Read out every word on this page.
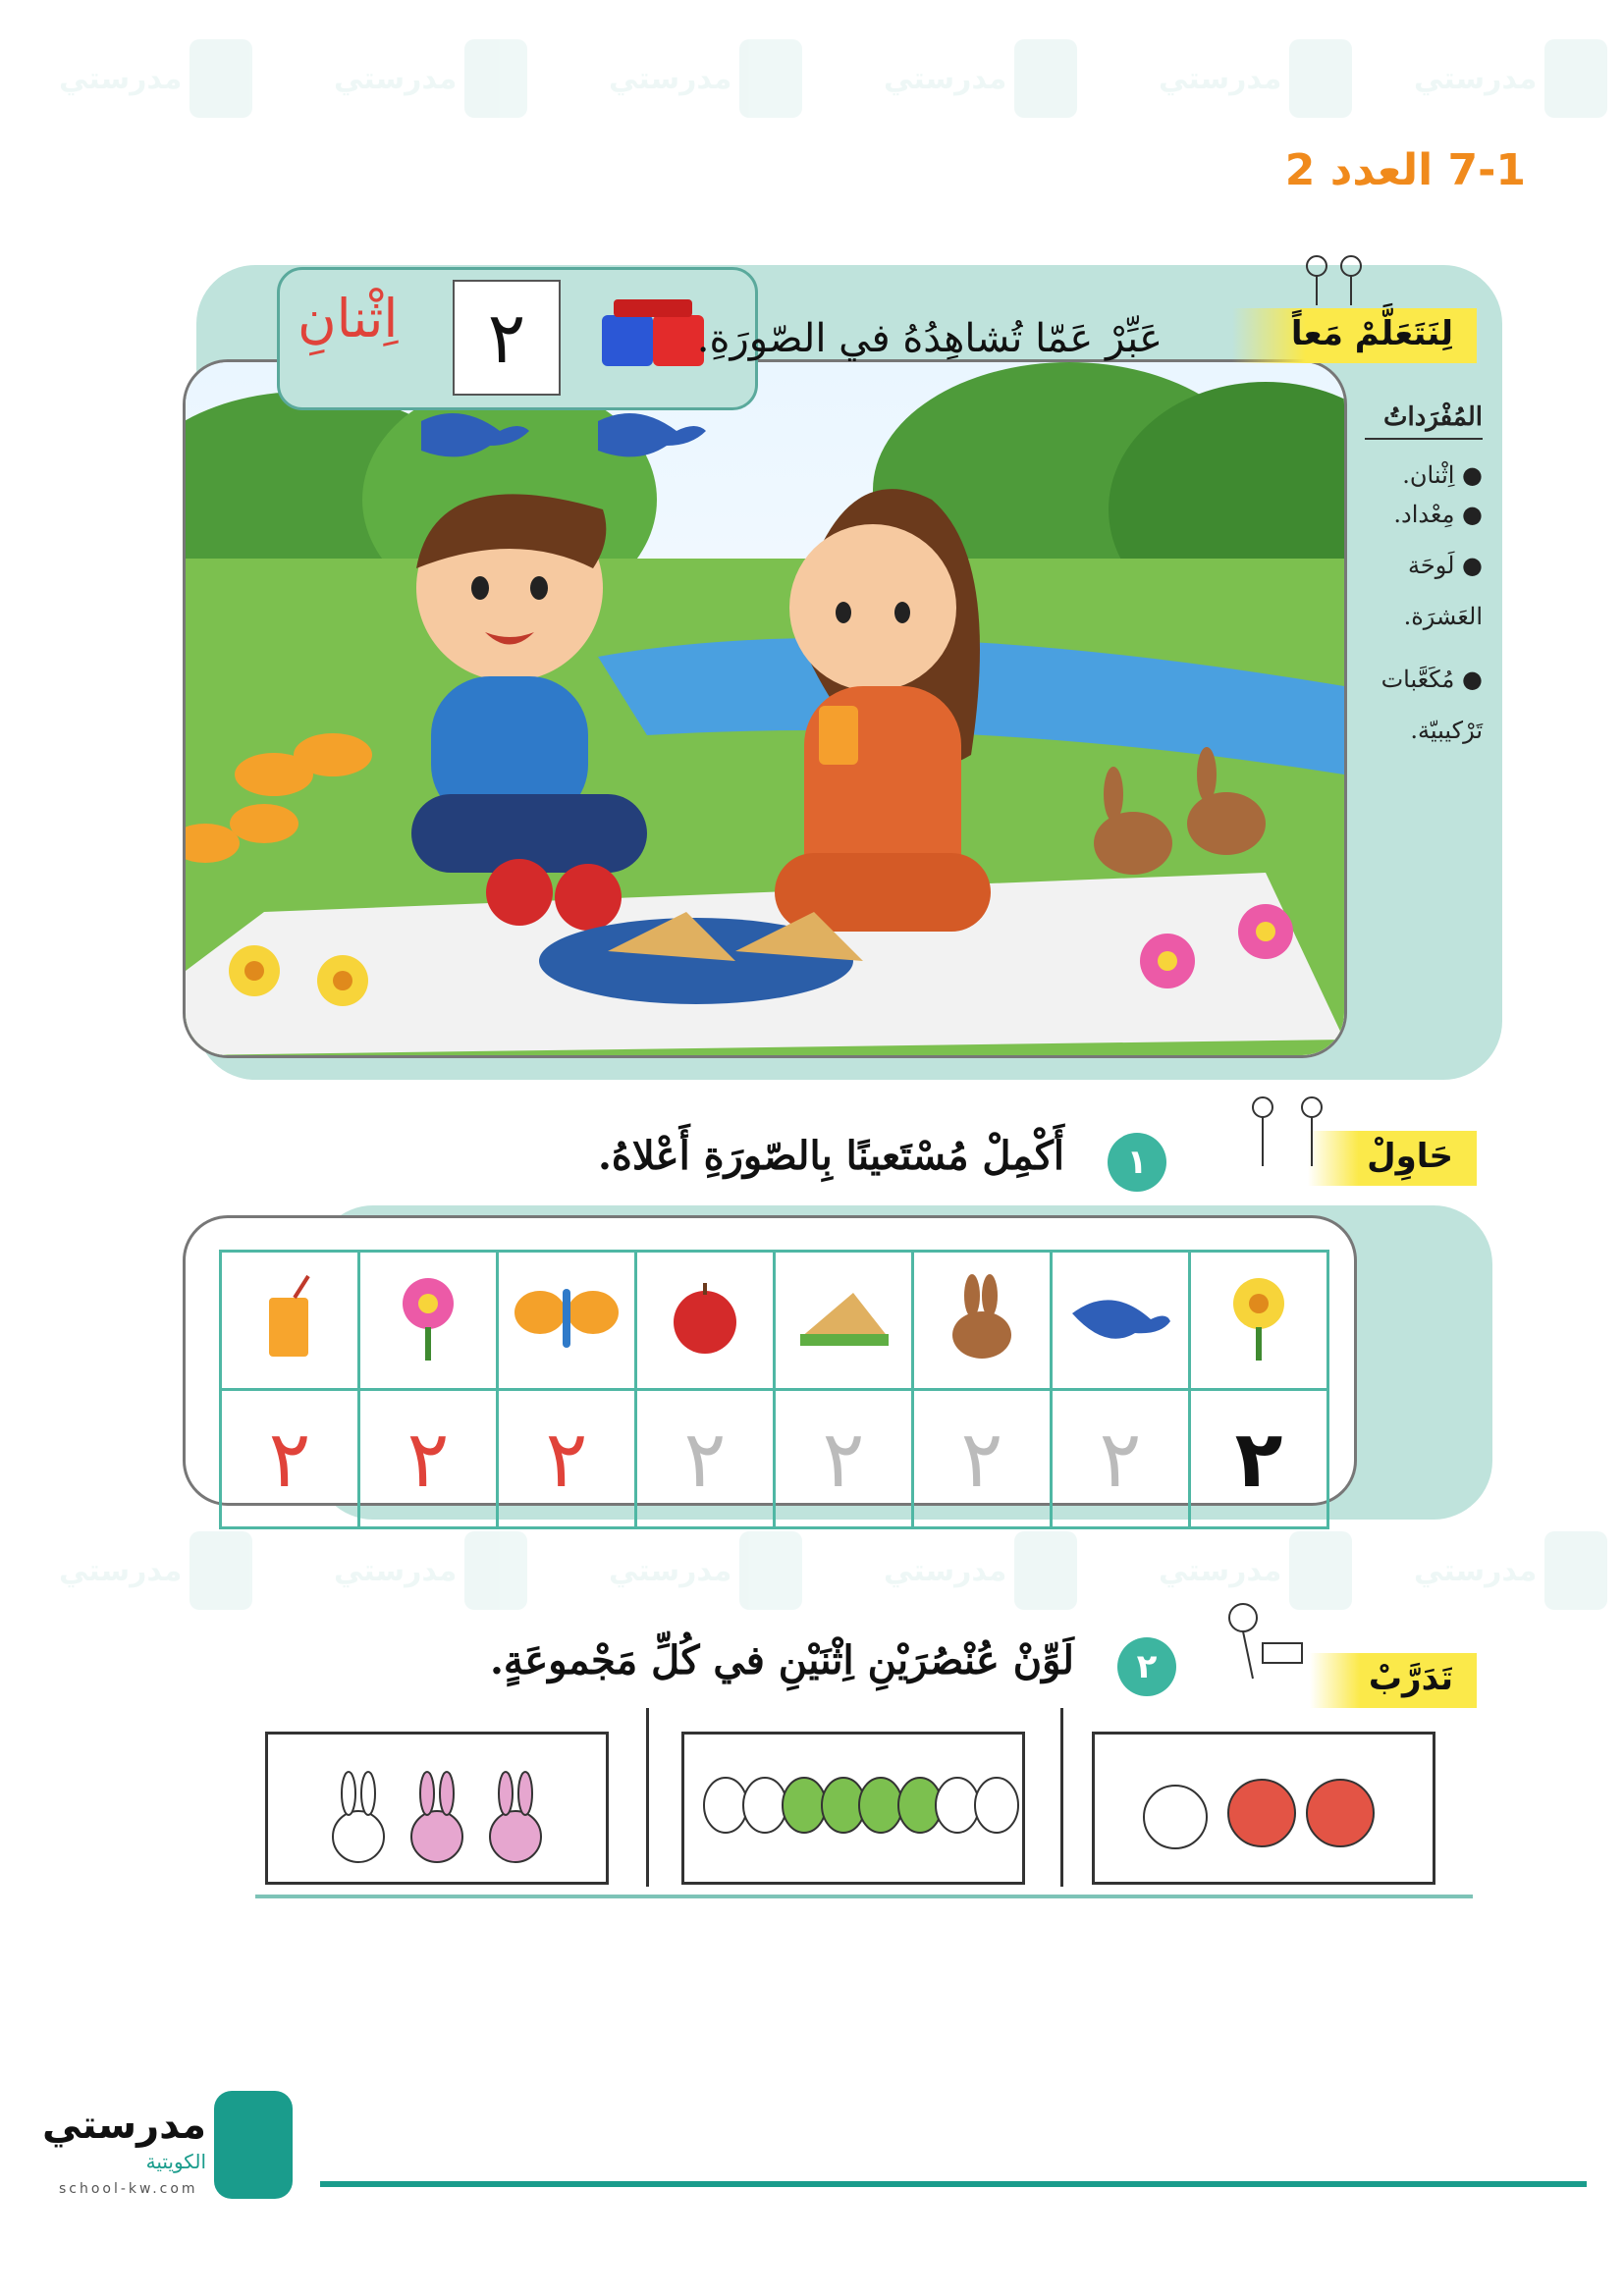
مدرستي	مدرستي	مدرستي	مدرستي	مدرستي	مدرستي
مدرستي	مدرستي	مدرستي	مدرستي	مدرستي	مدرستي
7-1 العدد 2
اِثْنانِ	٢	لِنَتَعَلَّمْ مَعاً
عَبِّرْ عَمّا تُشاهِدُهُ في الصّورَةِ.
المُفْرَداتُ
● اِثْنان.
● مِعْداد.
● لَوحَة العَشرَة.
● مُكَعَّبات تَرْكيبيّة.
حَاوِلْ
١
أَكْمِلْ مُسْتَعينًا بِالصّورَةِ أَعْلاهُ.

٢	٢	٢	٢	٢	٢	٢	٢
تَدَرَّبْ
٢
لَوِّنْ عُنْصُرَيْنِ اِثْنَيْنِ في كُلِّ مَجْموعَةٍ.
مدرستي
الكويتية
school-kw.com
